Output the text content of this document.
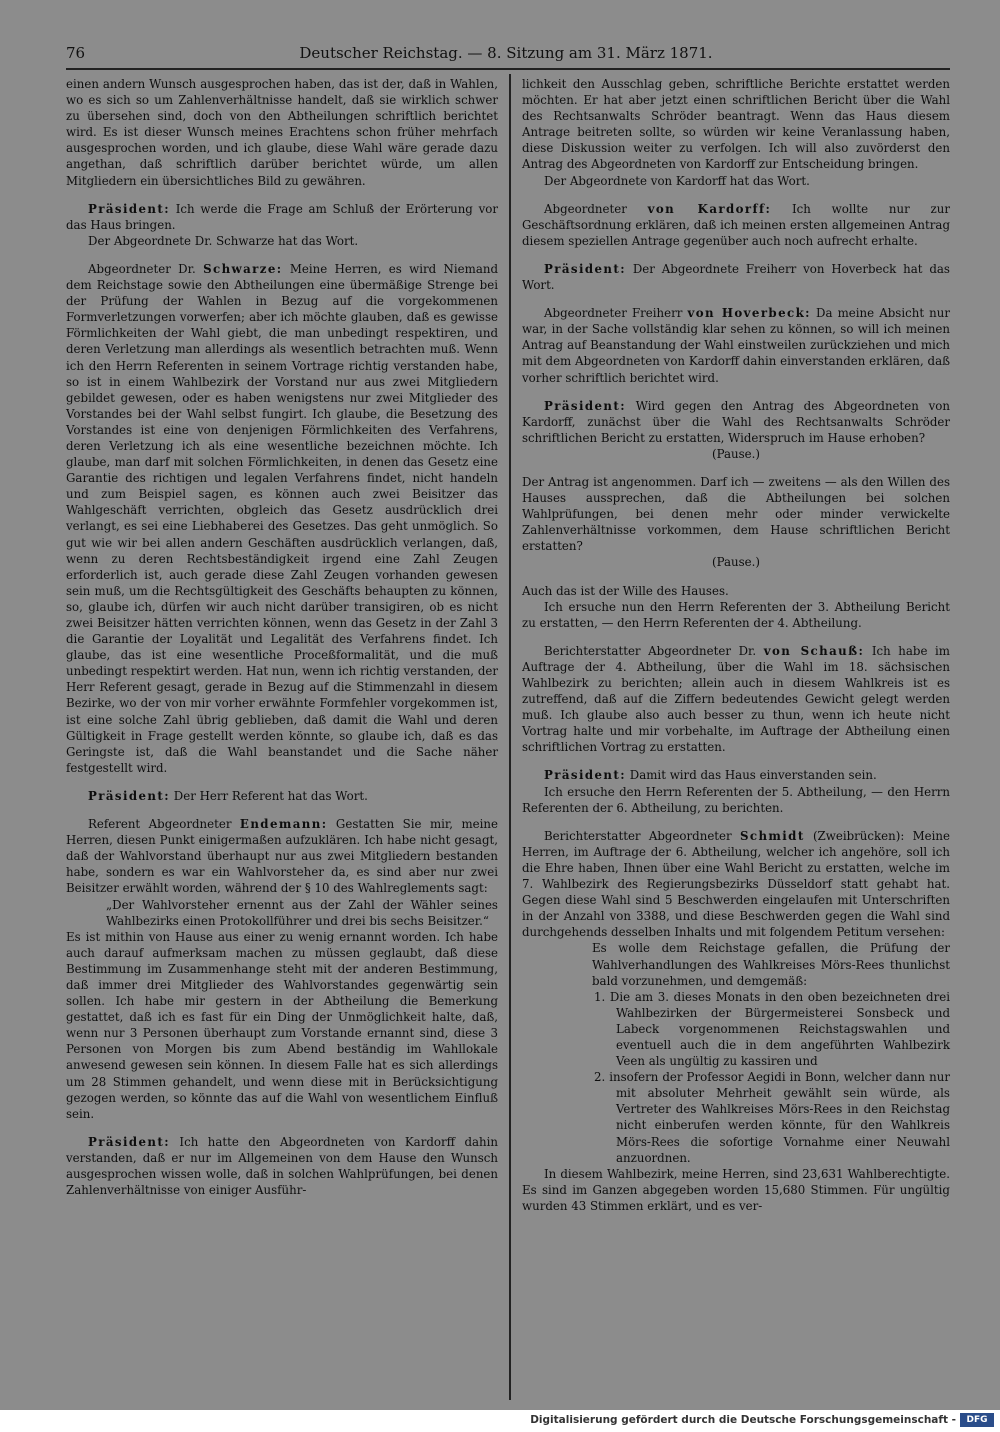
76	Deutscher Reichstag. — 8. Sitzung am 31. März 1871.

einen andern Wunsch ausgesprochen haben, das ist der, daß in Wahlen, wo es sich so um Zahlenverhältnisse handelt, daß sie wirklich schwer zu übersehen sind, doch von den Abtheilungen schriftlich berichtet wird. Es ist dieser Wunsch meines Erachtens schon früher mehrfach ausgesprochen worden, und ich glaube, diese Wahl wäre gerade dazu angethan, daß schriftlich darüber berichtet würde, um allen Mitgliedern ein übersichtliches Bild zu gewähren.

Präsident: Ich werde die Frage am Schluß der Erörterung vor das Haus bringen.

Der Abgeordnete Dr. Schwarze hat das Wort.

Abgeordneter Dr. Schwarze: Meine Herren, es wird Niemand dem Reichstage sowie den Abtheilungen eine übermäßige Strenge bei der Prüfung der Wahlen in Bezug auf die vorgekommenen Formverletzungen vorwerfen; aber ich möchte glauben, daß es gewisse Förmlichkeiten der Wahl giebt, die man unbedingt respektiren, und deren Verletzung man allerdings als wesentlich betrachten muß. Wenn ich den Herrn Referenten in seinem Vortrage richtig verstanden habe, so ist in einem Wahlbezirk der Vorstand nur aus zwei Mitgliedern gebildet gewesen, oder es haben wenigstens nur zwei Mitglieder des Vorstandes bei der Wahl selbst fungirt. Ich glaube, die Besetzung des Vorstandes ist eine von denjenigen Förmlichkeiten des Verfahrens, deren Verletzung ich als eine wesentliche bezeichnen möchte. Ich glaube, man darf mit solchen Förmlichkeiten, in denen das Gesetz eine Garantie des richtigen und legalen Verfahrens findet, nicht handeln und zum Beispiel sagen, es können auch zwei Beisitzer das Wahlgeschäft verrichten, obgleich das Gesetz ausdrücklich drei verlangt, es sei eine Liebhaberei des Gesetzes. Das geht unmöglich. So gut wie wir bei allen andern Geschäften ausdrücklich verlangen, daß, wenn zu deren Rechtsbeständigkeit irgend eine Zahl Zeugen erforderlich ist, auch gerade diese Zahl Zeugen vorhanden gewesen sein muß, um die Rechtsgültigkeit des Geschäfts behaupten zu können, so, glaube ich, dürfen wir auch nicht darüber transigiren, ob es nicht zwei Beisitzer hätten verrichten können, wenn das Gesetz in der Zahl 3 die Garantie der Loyalität und Legalität des Verfahrens findet. Ich glaube, das ist eine wesentliche Proceßformalität, und die muß unbedingt respektirt werden. Hat nun, wenn ich richtig verstanden, der Herr Referent gesagt, gerade in Bezug auf die Stimmenzahl in diesem Bezirke, wo der von mir vorher erwähnte Formfehler vorgekommen ist, ist eine solche Zahl übrig geblieben, daß damit die Wahl und deren Gültigkeit in Frage gestellt werden könnte, so glaube ich, daß es das Geringste ist, daß die Wahl beanstandet und die Sache näher festgestellt wird.

Präsident: Der Herr Referent hat das Wort.

Referent Abgeordneter Endemann: Gestatten Sie mir, meine Herren, diesen Punkt einigermaßen aufzuklären. Ich habe nicht gesagt, daß der Wahlvorstand überhaupt nur aus zwei Mitgliedern bestanden habe, sondern es war ein Wahlvorsteher da, es sind aber nur zwei Beisitzer erwählt worden, während der § 10 des Wahlreglements sagt:

„Der Wahlvorsteher ernennt aus der Zahl der Wähler seines Wahlbezirks einen Protokollführer und drei bis sechs Beisitzer.“

Es ist mithin von Hause aus einer zu wenig ernannt worden. Ich habe auch darauf aufmerksam machen zu müssen geglaubt, daß diese Bestimmung im Zusammenhange steht mit der anderen Bestimmung, daß immer drei Mitglieder des Wahlvorstandes gegenwärtig sein sollen. Ich habe mir gestern in der Abtheilung die Bemerkung gestattet, daß ich es fast für ein Ding der Unmöglichkeit halte, daß, wenn nur 3 Personen überhaupt zum Vorstande ernannt sind, diese 3 Personen von Morgen bis zum Abend beständig im Wahllokale anwesend gewesen sein können. In diesem Falle hat es sich allerdings um 28 Stimmen gehandelt, und wenn diese mit in Berücksichtigung gezogen werden, so könnte das auf die Wahl von wesentlichem Einfluß sein.

Präsident: Ich hatte den Abgeordneten von Kardorff dahin verstanden, daß er nur im Allgemeinen von dem Hause den Wunsch ausgesprochen wissen wolle, daß in solchen Wahlprüfungen, bei denen Zahlenverhältnisse von einiger Ausführ-

lichkeit den Ausschlag geben, schriftliche Berichte erstattet werden möchten. Er hat aber jetzt einen schriftlichen Bericht über die Wahl des Rechtsanwalts Schröder beantragt. Wenn das Haus diesem Antrage beitreten sollte, so würden wir keine Veranlassung haben, diese Diskussion weiter zu verfolgen. Ich will also zuvörderst den Antrag des Abgeordneten von Kardorff zur Entscheidung bringen.

Der Abgeordnete von Kardorff hat das Wort.

Abgeordneter von Kardorff: Ich wollte nur zur Geschäftsordnung erklären, daß ich meinen ersten allgemeinen Antrag diesem speziellen Antrage gegenüber auch noch aufrecht erhalte.

Präsident: Der Abgeordnete Freiherr von Hoverbeck hat das Wort.

Abgeordneter Freiherr von Hoverbeck: Da meine Absicht nur war, in der Sache vollständig klar sehen zu können, so will ich meinen Antrag auf Beanstandung der Wahl einstweilen zurückziehen und mich mit dem Abgeordneten von Kardorff dahin einverstanden erklären, daß vorher schriftlich berichtet wird.

Präsident: Wird gegen den Antrag des Abgeordneten von Kardorff, zunächst über die Wahl des Rechtsanwalts Schröder schriftlichen Bericht zu erstatten, Widerspruch im Hause erhoben?

(Pause.)

Der Antrag ist angenommen. Darf ich — zweitens — als den Willen des Hauses aussprechen, daß die Abtheilungen bei solchen Wahlprüfungen, bei denen mehr oder minder verwickelte Zahlenverhältnisse vorkommen, dem Hause schriftlichen Bericht erstatten?

(Pause.)

Auch das ist der Wille des Hauses.

Ich ersuche nun den Herrn Referenten der 3. Abtheilung Bericht zu erstatten, — den Herrn Referenten der 4. Abtheilung.

Berichterstatter Abgeordneter Dr. von Schauß: Ich habe im Auftrage der 4. Abtheilung, über die Wahl im 18. sächsischen Wahlbezirk zu berichten; allein auch in diesem Wahlkreis ist es zutreffend, daß auf die Ziffern bedeutendes Gewicht gelegt werden muß. Ich glaube also auch besser zu thun, wenn ich heute nicht Vortrag halte und mir vorbehalte, im Auftrage der Abtheilung einen schriftlichen Vortrag zu erstatten.

Präsident: Damit wird das Haus einverstanden sein.

Ich ersuche den Herrn Referenten der 5. Abtheilung, — den Herrn Referenten der 6. Abtheilung, zu berichten.

Berichterstatter Abgeordneter Schmidt (Zweibrücken): Meine Herren, im Auftrage der 6. Abtheilung, welcher ich angehöre, soll ich die Ehre haben, Ihnen über eine Wahl Bericht zu erstatten, welche im 7. Wahlbezirk des Regierungsbezirks Düsseldorf statt gehabt hat. Gegen diese Wahl sind 5 Beschwerden eingelaufen mit Unterschriften in der Anzahl von 3388, und diese Beschwerden gegen die Wahl sind durchgehends desselben Inhalts und mit folgendem Petitum versehen:

Es wolle dem Reichstage gefallen, die Prüfung der Wahlverhandlungen des Wahlkreises Mörs-Rees thunlichst bald vorzunehmen, und demgemäß:

1. Die am 3. dieses Monats in den oben bezeichneten drei Wahlbezirken der Bürgermeisterei Sonsbeck und Labeck vorgenommenen Reichstagswahlen und eventuell auch die in dem angeführten Wahlbezirk Veen als ungültig zu kassiren und

2. insofern der Professor Aegidi in Bonn, welcher dann nur mit absoluter Mehrheit gewählt sein würde, als Vertreter des Wahlkreises Mörs-Rees in den Reichstag nicht einberufen werden könnte, für den Wahlkreis Mörs-Rees die sofortige Vornahme einer Neuwahl anzuordnen.

In diesem Wahlbezirk, meine Herren, sind 23,631 Wahlberechtigte. Es sind im Ganzen abgegeben worden 15,680 Stimmen. Für ungültig wurden 43 Stimmen erklärt, und es ver-

Digitalisierung gefördert durch die Deutsche Forschungsgemeinschaft -	DFG
